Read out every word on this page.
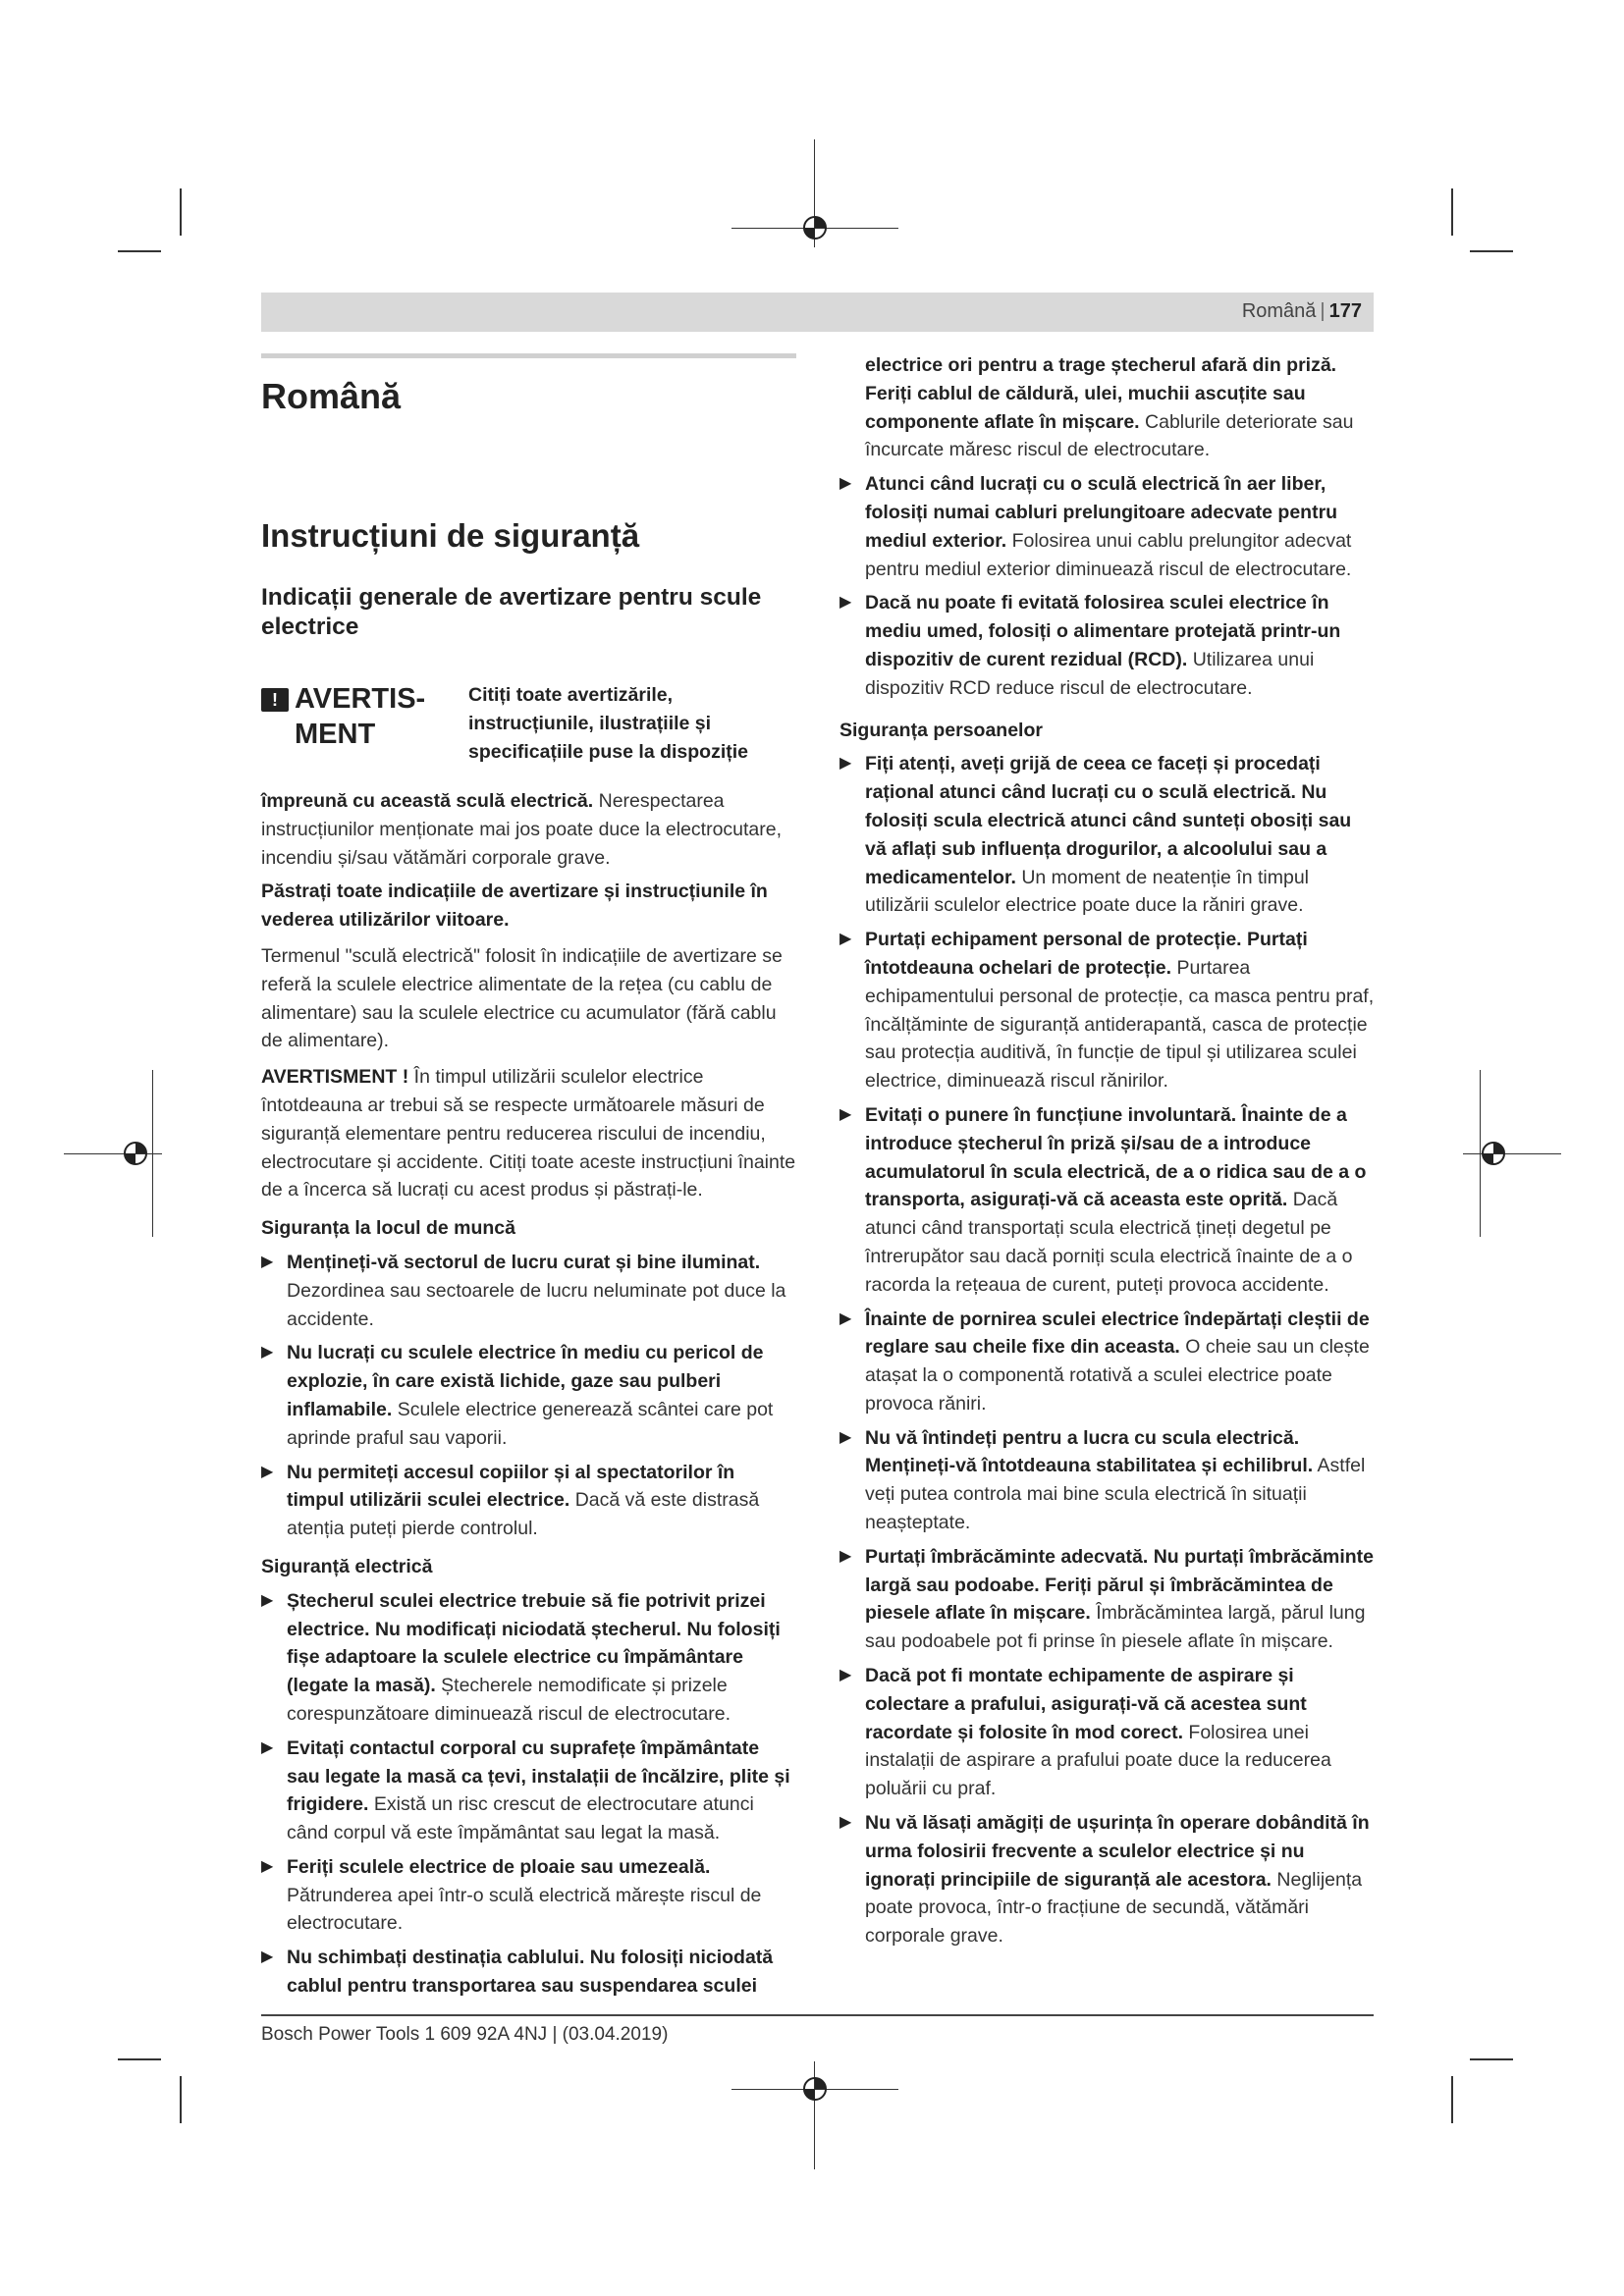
Română | 177
Română
Instrucțiuni de siguranță
Indicații generale de avertizare pentru scule electrice
! AVERTIS- MENT
Citiți toate avertizările, instrucțiunile, ilustrațiile și specificațiile puse la dispoziție

împreună cu această sculă electrică. Nerespectarea instrucțiunilor menționate mai jos poate duce la electrocutare, incendiu și/sau vătămări corporale grave.

Păstrați toate indicațiile de avertizare și instrucțiunile în vederea utilizărilor viitoare.

Termenul "sculă electrică" folosit în indicațiile de avertizare se referă la sculele electrice alimentate de la rețea (cu cablu de alimentare) sau la sculele electrice cu acumulator (fără cablu de alimentare).

AVERTISMENT ! În timpul utilizării sculelor electrice întotdeauna ar trebui să se respecte următoarele măsuri de siguranță elementare pentru reducerea riscului de incendiu, electrocutare și accidente. Citiți toate aceste instrucțiuni înainte de a încerca să lucrați cu acest produs și păstrați-le.

Siguranța la locul de muncă
▶ Mențineți-vă sectorul de lucru curat și bine iluminat. Dezordinea sau sectoarele de lucru neluminate pot duce la accidente.
▶ Nu lucrați cu sculele electrice în mediu cu pericol de explozie, în care există lichide, gaze sau pulberi inflamabile. Sculele electrice generează scântei care pot aprinde praful sau vaporii.
▶ Nu permiteți accesul copiilor și al spectatorilor în timpul utilizării sculei electrice. Dacă vă este distrasă atenția puteți pierde controlul.
Siguranță electrică
▶ Ștecherul sculei electrice trebuie să fie potrivit prizei electrice. Nu modificați niciodată ștecherul. Nu folosiți fișe adaptoare la sculele electrice cu împământare (legate la masă). Ștecherele nemodificate și prizele corespunzătoare diminuează riscul de electrocutare.
▶ Evitați contactul corporal cu suprafețe împământate sau legate la masă ca țevi, instalații de încălzire, plite și frigidere. Există un risc crescut de electrocutare atunci când corpul vă este împământat sau legat la masă.
▶ Feriți sculele electrice de ploaie sau umezeală. Pătrunderea apei într-o sculă electrică mărește riscul de electrocutare.
▶ Nu schimbați destinația cablului. Nu folosiți niciodată cablul pentru transportarea sau suspendarea sculei

electrice ori pentru a trage ștecherul afară din priză. Feriți cablul de căldură, ulei, muchii ascuțite sau componente aflate în mișcare. Cablurile deteriorate sau încurcate măresc riscul de electrocutare.

▶ Atunci când lucrați cu o sculă electrică în aer liber, folosiți numai cabluri prelungitoare adecvate pentru mediul exterior. Folosirea unui cablu prelungitor adecvat pentru mediul exterior diminuează riscul de electrocutare.
▶ Dacă nu poate fi evitată folosirea sculei electrice în mediu umed, folosiți o alimentare protejată printr-un dispozitiv de curent rezidual (RCD). Utilizarea unui dispozitiv RCD reduce riscul de electrocutare.
Siguranța persoanelor
▶ Fiți atenți, aveți grijă de ceea ce faceți și procedați rațional atunci când lucrați cu o sculă electrică. Nu folosiți scula electrică atunci când sunteți obosiți sau vă aflați sub influența drogurilor, a alcoolului sau a medicamentelor. Un moment de neatenție în timpul utilizării sculelor electrice poate duce la răniri grave.
▶ Purtați echipament personal de protecție. Purtați întotdeauna ochelari de protecție. Purtarea echipamentului personal de protecție, ca masca pentru praf, încălțăminte de siguranță antiderapantă, casca de protecție sau protecția auditivă, în funcție de tipul și utilizarea sculei electrice, diminuează riscul rănirilor.
▶ Evitați o punere în funcțiune involuntară. Înainte de a introduce ștecherul în priză și/sau de a introduce acumulatorul în scula electrică, de a o ridica sau de a o transporta, asigurați-vă că aceasta este oprită. Dacă atunci când transportați scula electrică țineți degetul pe întrerupător sau dacă porniți scula electrică înainte de a o racorda la rețeaua de curent, puteți provoca accidente.
▶ Înainte de pornirea sculei electrice îndepărtați cleștii de reglare sau cheile fixe din aceasta. O cheie sau un clește atașat la o componentă rotativă a sculei electrice poate provoca răniri.
▶ Nu vă întindeți pentru a lucra cu scula electrică. Mențineți-vă întotdeauna stabilitatea și echilibrul. Astfel veți putea controla mai bine scula electrică în situații neașteptate.
▶ Purtați îmbrăcăminte adecvată. Nu purtați îmbrăcăminte largă sau podoabe. Feriți părul și îmbrăcămintea de piesele aflate în mișcare. Îmbrăcămintea largă, părul lung sau podoabele pot fi prinse în piesele aflate în mișcare.
▶ Dacă pot fi montate echipamente de aspirare și colectare a prafului, asigurați-vă că acestea sunt racordate și folosite în mod corect. Folosirea unei instalații de aspirare a prafului poate duce la reducerea poluării cu praf.
▶ Nu vă lăsați amăgiți de ușurința în operare dobândită în urma folosirii frecvente a sculelor electrice și nu ignorați principiile de siguranță ale acestora. Neglijența poate provoca, într-o fracțiune de secundă, vătămări corporale grave.
Bosch Power Tools 1 609 92A 4NJ | (03.04.2019)
